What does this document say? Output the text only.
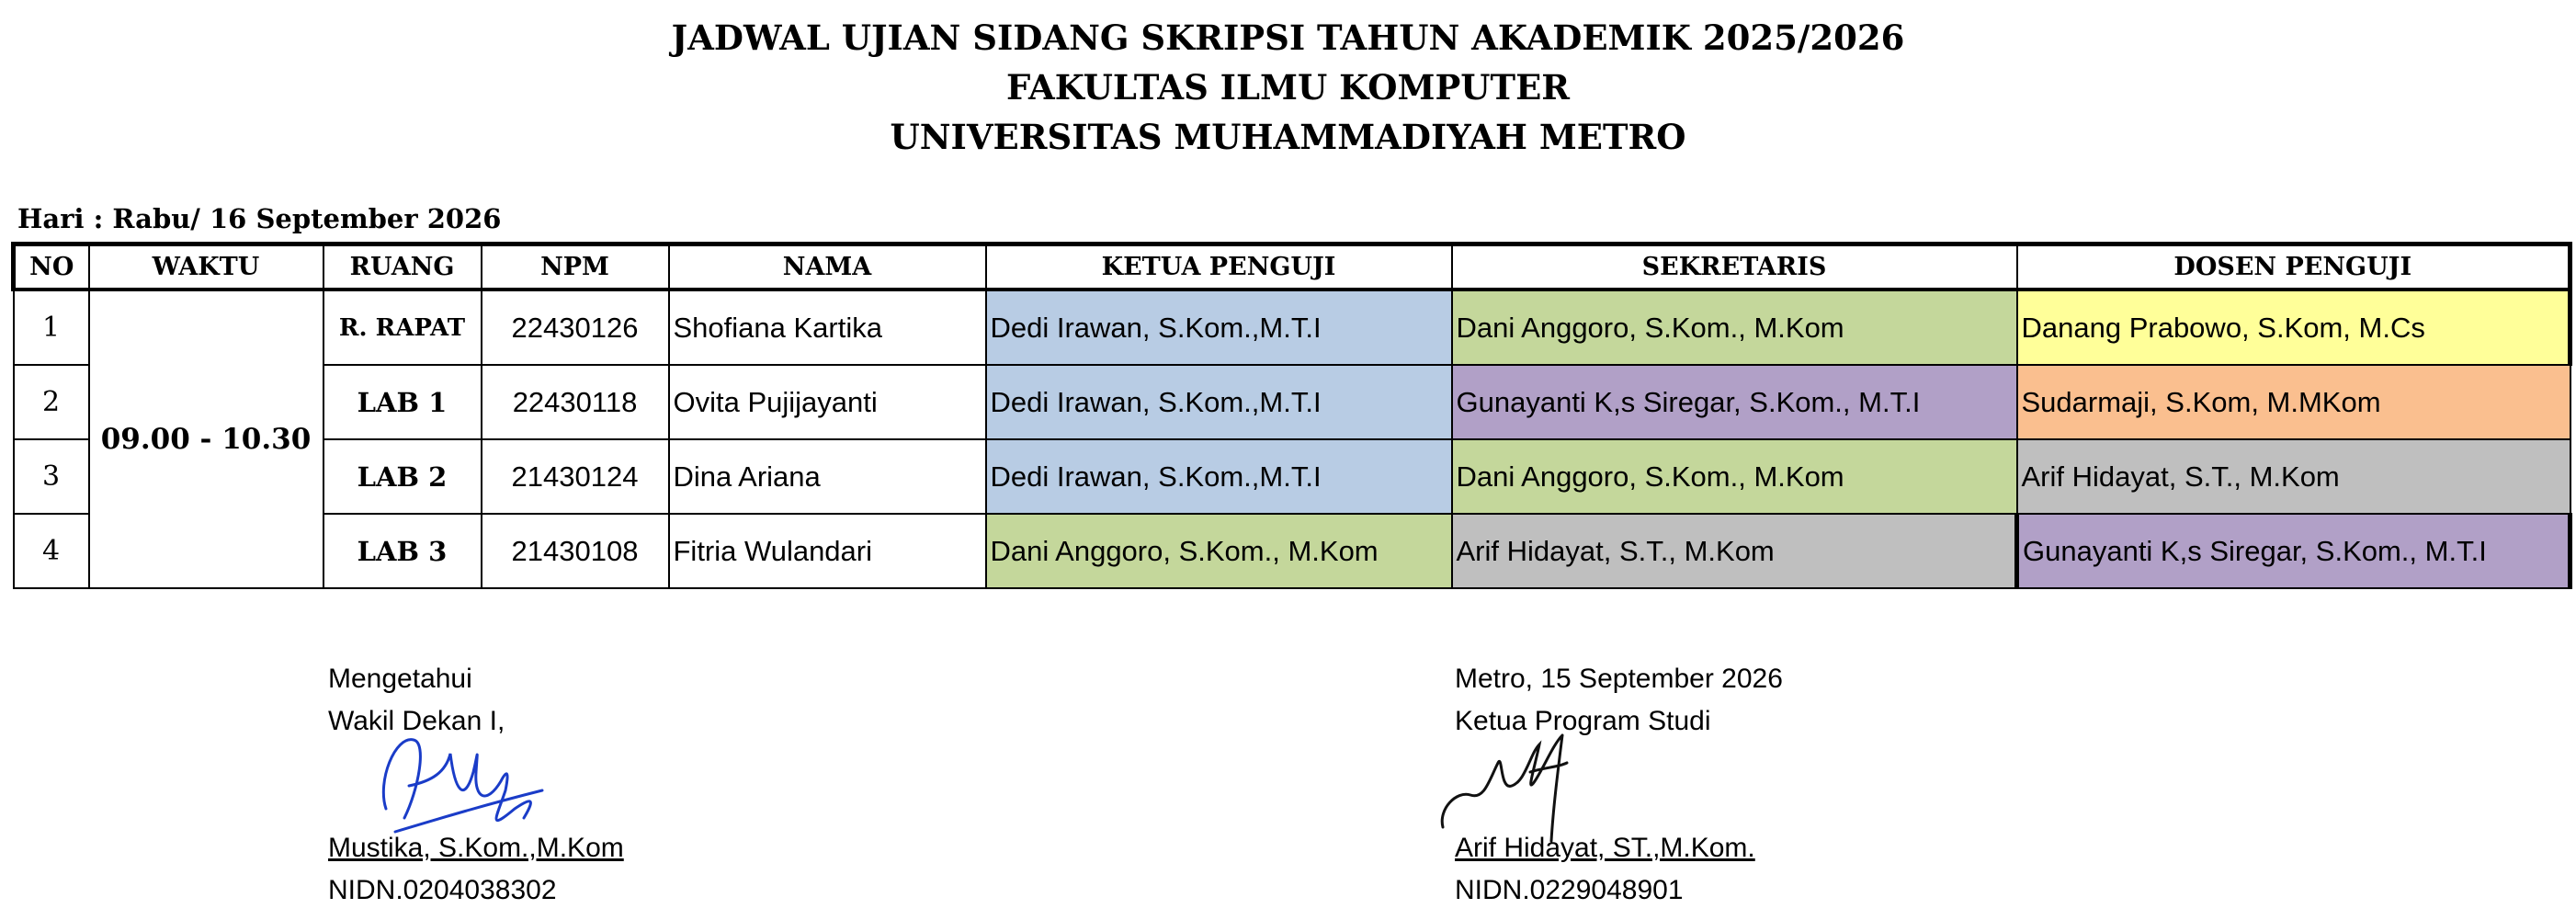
JADWAL UJIAN SIDANG SKRIPSI TAHUN AKADEMIK 2025/2026
FAKULTAS ILMU KOMPUTER
UNIVERSITAS MUHAMMADIYAH METRO
Hari : Rabu/ 16 September 2026
NO	WAKTU	RUANG	NPM	NAMA	KETUA PENGUJI	SEKRETARIS	DOSEN PENGUJI
1	09.00 - 10.30	R. RAPAT	22430126	Shofiana Kartika	Dedi Irawan, S.Kom.,M.T.I	Dani Anggoro, S.Kom., M.Kom	Danang Prabowo, S.Kom, M.Cs
2		LAB 1	22430118	Ovita Pujijayanti	Dedi Irawan, S.Kom.,M.T.I	Gunayanti K,s Siregar, S.Kom., M.T.I	Sudarmaji, S.Kom, M.MKom
3		LAB 2	21430124	Dina Ariana	Dedi Irawan, S.Kom.,M.T.I	Dani Anggoro, S.Kom., M.Kom	Arif Hidayat, S.T., M.Kom
4		LAB 3	21430108	Fitria Wulandari	Dani Anggoro, S.Kom., M.Kom	Arif Hidayat, S.T., M.Kom	Gunayanti K,s Siregar, S.Kom., M.T.I
Mengetahui
Wakil Dekan I,
Mustika, S.Kom.,M.Kom
NIDN.0204038302
Metro, 15 September 2026
Ketua Program Studi
Arif Hidayat, ST.,M.Kom.
NIDN.0229048901
